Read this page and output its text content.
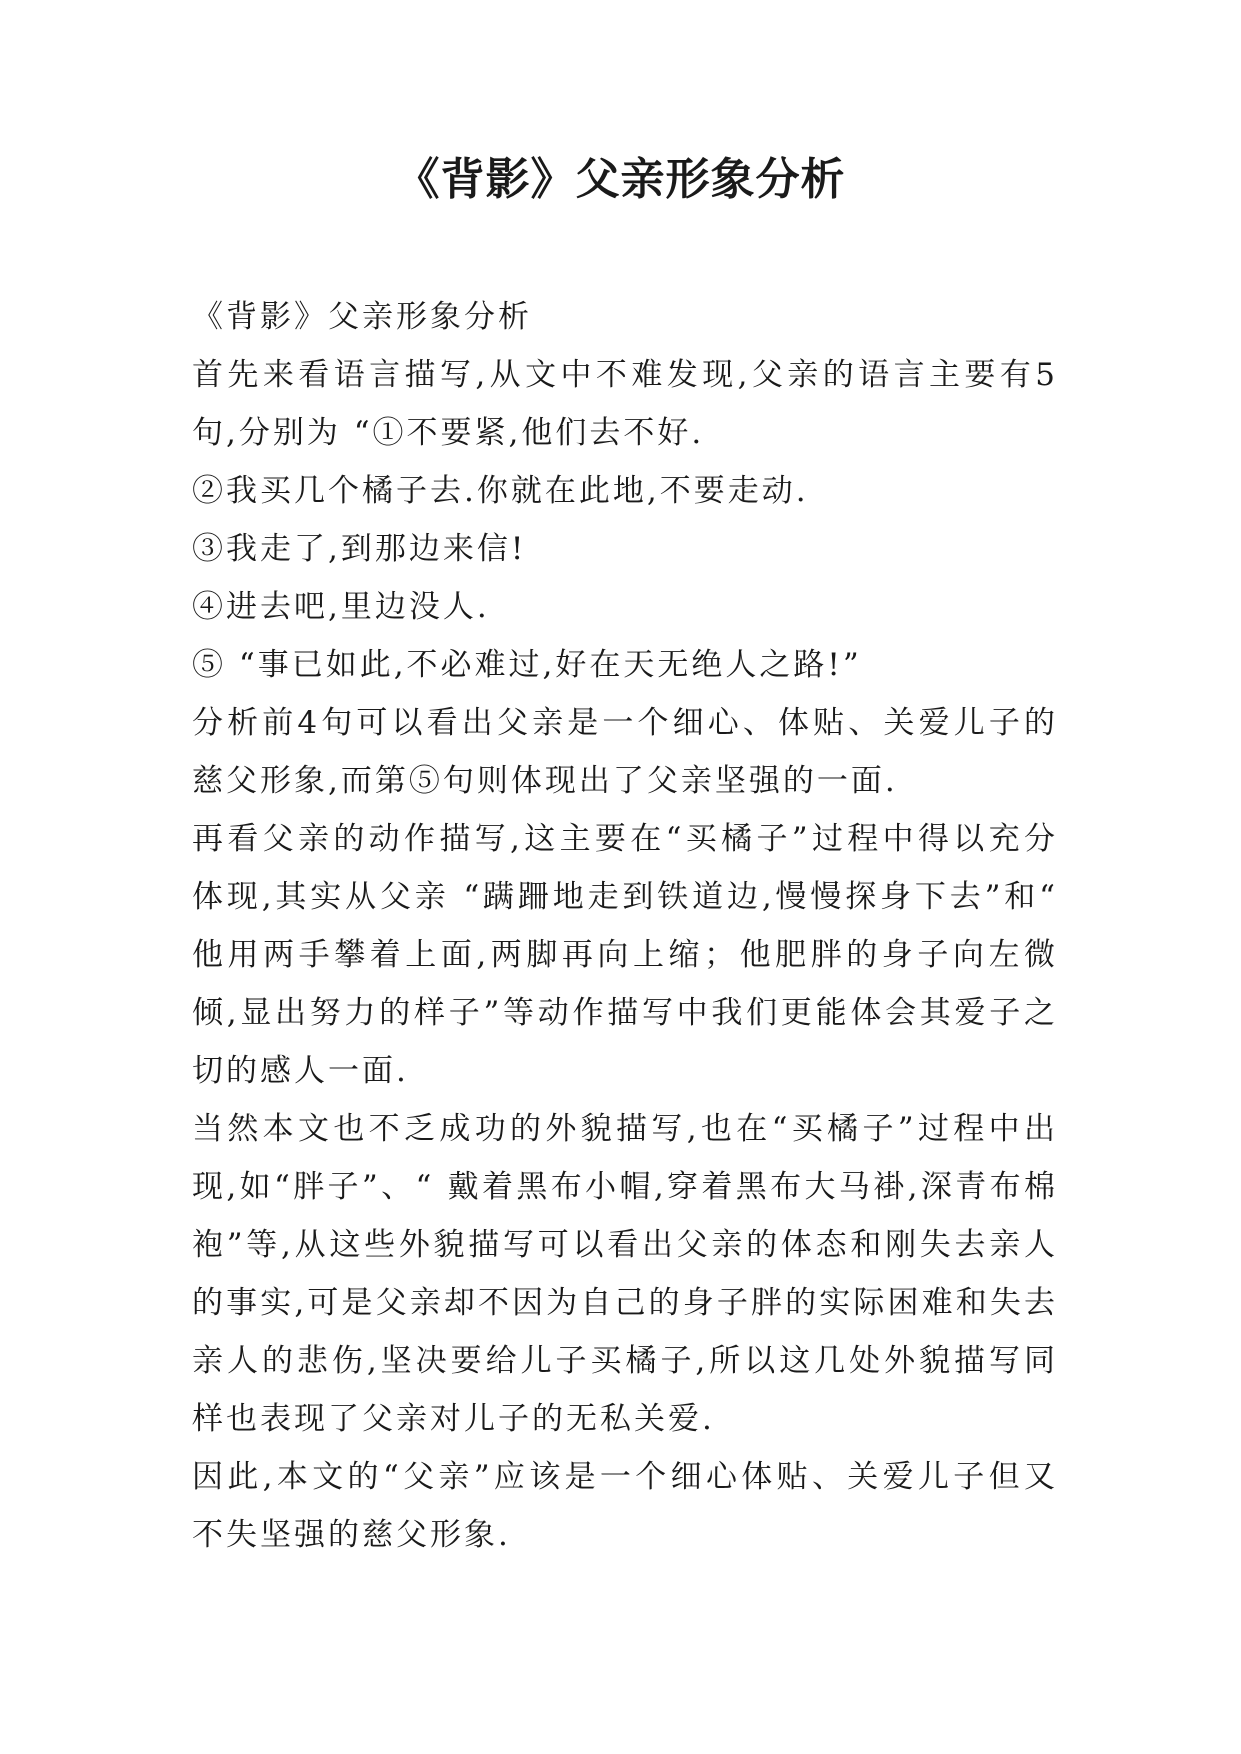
《背影》父亲形象分析

《背影》父亲形象分析

首先来看语言描写,从文中不难发现,父亲的语言主要有5句,分别为 “①不要紧,他们去不好.

②我买几个橘子去.你就在此地,不要走动.

③我走了,到那边来信!

④进去吧,里边没人.

⑤ “事已如此,不必难过,好在天无绝人之路!”

分析前4句可以看出父亲是一个细心、体贴、关爱儿子的慈父形象,而第⑤句则体现出了父亲坚强的一面.

再看父亲的动作描写,这主要在“买橘子”过程中得以充分体现,其实从父亲 “蹒跚地走到铁道边,慢慢探身下去”和“ 他用两手攀着上面,两脚再向上缩；他肥胖的身子向左微倾,显出努力的样子”等动作描写中我们更能体会其爱子之切的感人一面.

当然本文也不乏成功的外貌描写,也在“买橘子”过程中出现,如“胖子”、“ 戴着黑布小帽,穿着黑布大马褂,深青布棉袍”等,从这些外貌描写可以看出父亲的体态和刚失去亲人的事实,可是父亲却不因为自己的身子胖的实际困难和失去亲人的悲伤,坚决要给儿子买橘子,所以这几处外貌描写同样也表现了父亲对儿子的无私关爱.

因此,本文的“父亲”应该是一个细心体贴、关爱儿子但又不失坚强的慈父形象.
